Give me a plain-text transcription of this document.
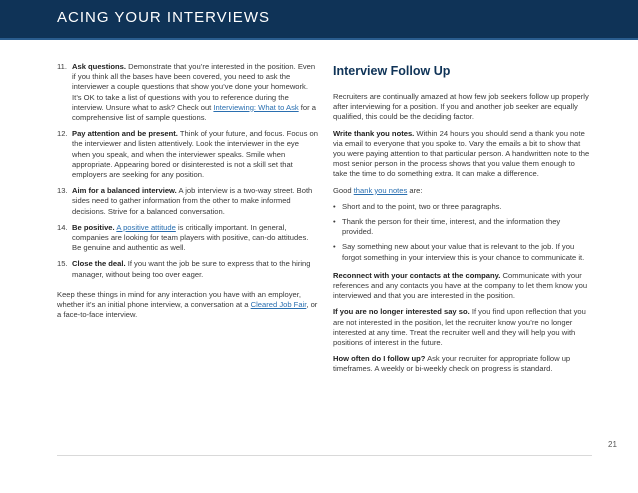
ACING YOUR INTERVIEWS
11. Ask questions. Demonstrate that you’re interested in the position. Even if you think all the bases have been covered, you need to ask the interviewer a couple questions that show you’ve done your homework. It’s OK to take a list of questions with you to reference during the interview. Unsure what to ask? Check out Interviewing: What to Ask for a comprehensive list of sample questions.
12. Pay attention and be present. Think of your future, and focus. Focus on the interviewer and listen attentively. Look the interviewer in the eye when you speak, and when the interviewer speaks. Smile when appropriate. Appearing bored or disinterested is not a skill set that employers are seeking for any position.
13. Aim for a balanced interview. A job interview is a two-way street. Both sides need to gather information from the other to make informed decisions. Strive for a balanced conversation.
14. Be positive. A positive attitude is critically important. In general, companies are looking for team players with positive, can-do attitudes. Be genuine and authentic as well.
15. Close the deal. If you want the job be sure to express that to the hiring manager, without being too over eager.

Keep these things in mind for any interaction you have with an employer, whether it’s an initial phone interview, a conversation at a Cleared Job Fair, or a face-to-face interview.

Interview Follow Up

Recruiters are continually amazed at how few job seekers follow up properly after interviewing for a position. If you and another job seeker are equally qualified, this could be the deciding factor.

Write thank you notes. Within 24 hours you should send a thank you note via email to everyone that you spoke to. Vary the emails a bit to show that you were paying attention to that particular person. A handwritten note to the most senior person in the process shows that you value them enough to take the time to do something extra. It can make a difference.

Good thank you notes are:

• Short and to the point, two or three paragraphs.
• Thank the person for their time, interest, and the information they provided.
• Say something new about your value that is relevant to the job. If you forgot something in your interview this is your chance to communicate it.

Reconnect with your contacts at the company. Communicate with your references and any contacts you have at the company to let them know you interviewed and that you are interested in the position.

If you are no longer interested say so. If you find upon reflection that you are not interested in the position, let the recruiter know you’re no longer interested at any time. Treat the recruiter well and they will help you with positions of interest in the future.

How often do I follow up? Ask your recruiter for appropriate follow up timeframes. A weekly or bi-weekly check on progress is standard.

21
